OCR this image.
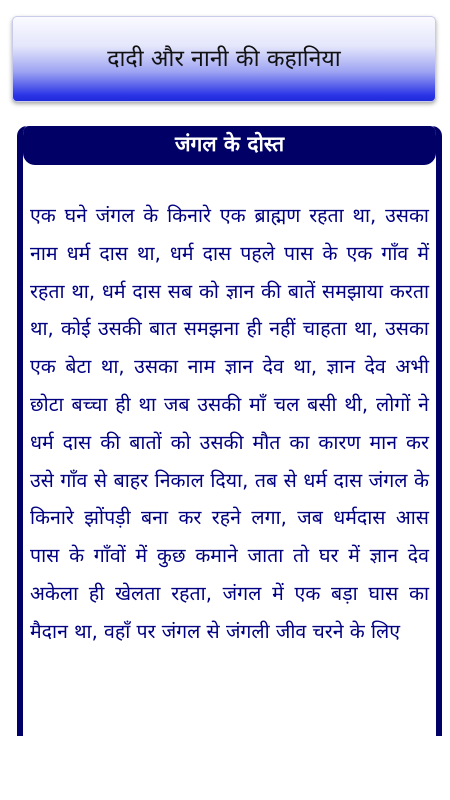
दादी और नानी की कहानिया
जंगल के दोस्त

एक घने जंगल के किनारे एक ब्राह्मण रहता था, उसका नाम धर्म दास था, धर्म दास पहले पास के एक गाँव में रहता था, धर्म दास सब को ज्ञान की बातें समझाया करता था, कोई उसकी बात समझना ही नहीं चाहता था, उसका एक बेटा था, उसका नाम ज्ञान देव था, ज्ञान देव अभी छोटा बच्चा ही था जब उसकी माँ चल बसी थी, लोगों ने धर्म दास की बातों को उसकी मौत का कारण मान कर उसे गाँव से बाहर निकाल दिया, तब से धर्म दास जंगल के किनारे झोंपड़ी बना कर रहने लगा, जब धर्मदास आस पास के गाँवों में कुछ कमाने जाता तो घर में ज्ञान देव अकेला ही खेलता रहता, जंगल में एक बड़ा घास का मैदान था, वहाँ पर जंगल से जंगली जीव चरने के लिए
